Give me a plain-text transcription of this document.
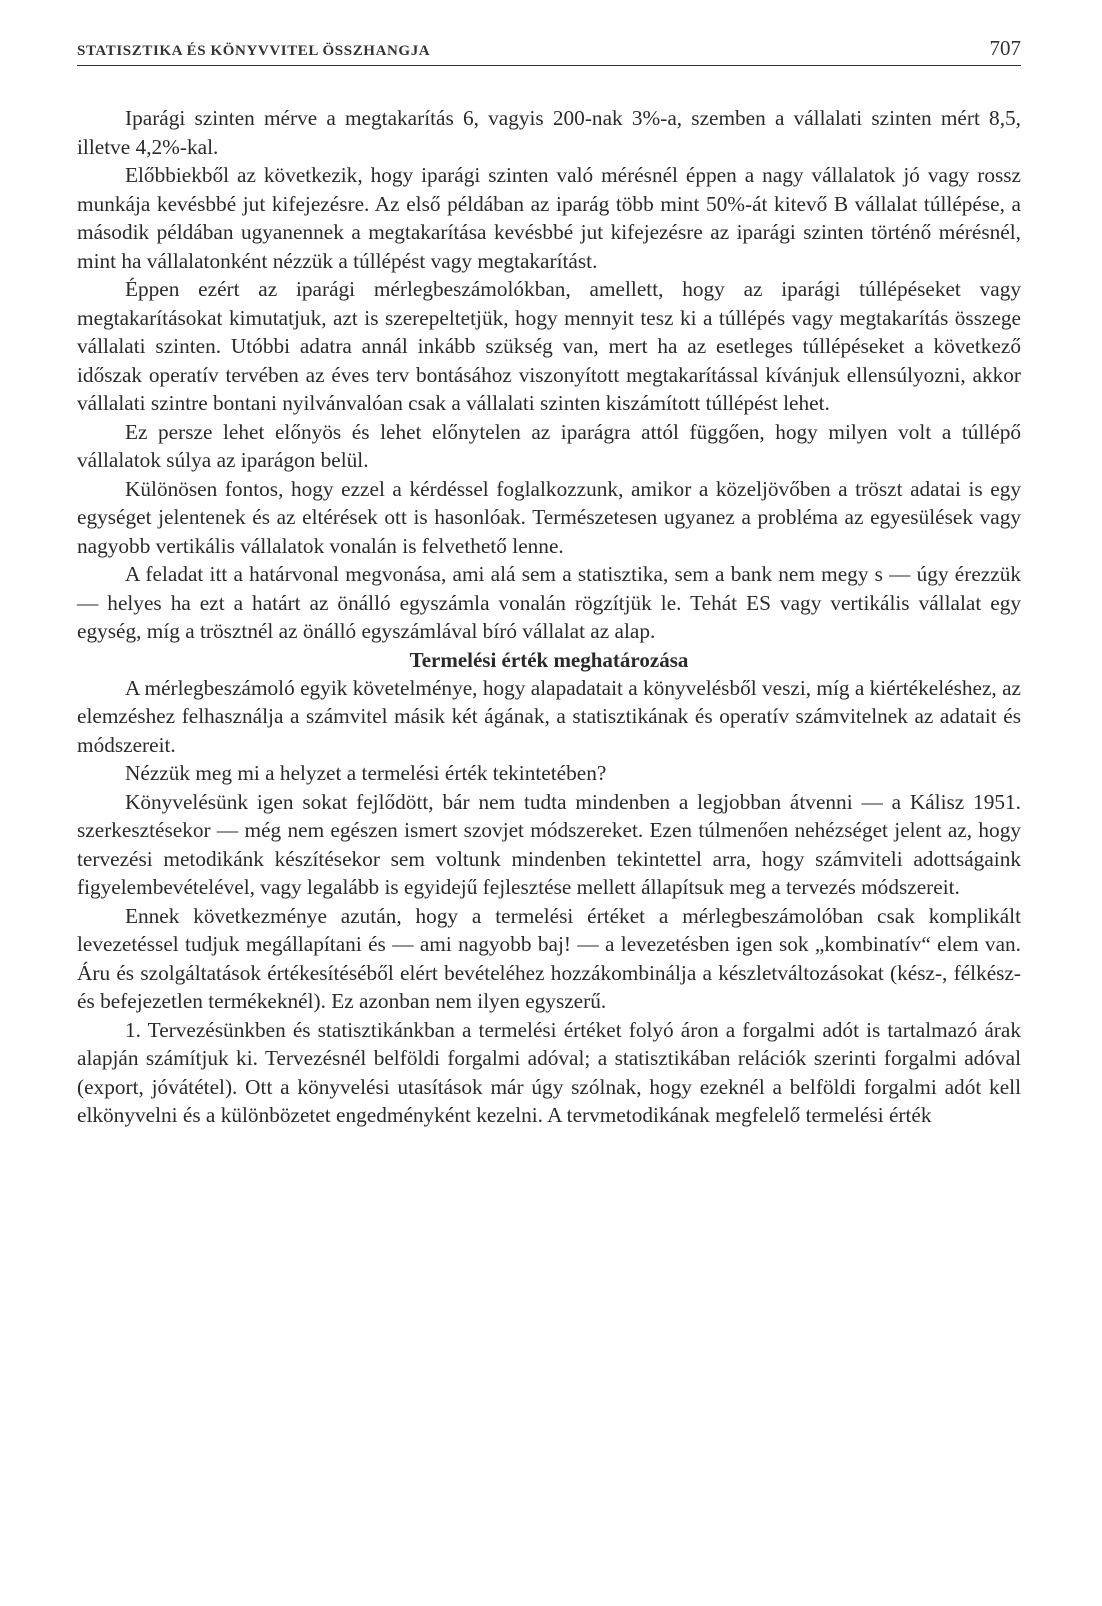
STATISZTIKA ÉS KÖNYVVITEL ÖSSZHANGJA	707

Iparági szinten mérve a megtakarítás 6, vagyis 200-nak 3%-a, szemben a vállalati szinten mért 8,5, illetve 4,2%-kal.

Előbbiekből az következik, hogy iparági szinten való mérésnél éppen a nagy vállalatok jó vagy rossz munkája kevésbbé jut kifejezésre. Az első példában az iparág több mint 50%-át kitevő B vállalat túllépése, a második példában ugyanennek a megtakarítása kevésbbé jut kifejezésre az iparági szinten történő mérésnél, mint ha vállalatonként nézzük a túllépést vagy megtakarítást.

Éppen ezért az iparági mérlegbeszámolókban, amellett, hogy az iparági túllépéseket vagy megtakarításokat kimutatjuk, azt is szerepeltetjük, hogy mennyit tesz ki a túllépés vagy megtakarítás összege vállalati szinten. Utóbbi adatra annál inkább szükség van, mert ha az esetleges túllépéseket a következő időszak operatív tervében az éves terv bontásához viszonyított megtakarítással kívánjuk ellensúlyozni, akkor vállalati szintre bontani nyilvánvalóan csak a vállalati szinten kiszámított túllépést lehet.

Ez persze lehet előnyös és lehet előnytelen az iparágra attól függően, hogy milyen volt a túllépő vállalatok súlya az iparágon belül.

Különösen fontos, hogy ezzel a kérdéssel foglalkozzunk, amikor a közeljövőben a tröszt adatai is egy egységet jelentenek és az eltérések ott is hasonlóak. Természetesen ugyanez a probléma az egyesülések vagy nagyobb vertikális vállalatok vonalán is felvethető lenne.

A feladat itt a határvonal megvonása, ami alá sem a statisztika, sem a bank nem megy s — úgy érezzük — helyes ha ezt a határt az önálló egyszámla vonalán rögzítjük le. Tehát ES vagy vertikális vállalat egy egység, míg a trösztnél az önálló egyszámlával bíró vállalat az alap.

Termelési érték meghatározása

A mérlegbeszámoló egyik követelménye, hogy alapadatait a könyvelésből veszi, míg a kiértékeléshez, az elemzéshez felhasználja a számvitel másik két ágának, a statisztikának és operatív számvitelnek az adatait és módszereit.

Nézzük meg mi a helyzet a termelési érték tekintetében?

Könyvelésünk igen sokat fejlődött, bár nem tudta mindenben a legjobban átvenni — a Kálisz 1951. szerkesztésekor — még nem egészen ismert szovjet módszereket. Ezen túlmenően nehézséget jelent az, hogy tervezési metodikánk készítésekor sem voltunk mindenben tekintettel arra, hogy számviteli adottságaink figyelembevételével, vagy legalább is egyidejű fejlesztése mellett állapítsuk meg a tervezés módszereit.

Ennek következménye azután, hogy a termelési értéket a mérlegbeszámolóban csak komplikált levezetéssel tudjuk megállapítani és — ami nagyobb baj! — a levezetésben igen sok „kombinatív“ elem van. Áru és szolgáltatások értékesítéséből elért bevételéhez hozzákombinálja a készletváltozásokat (kész-, félkész- és befejezetlen termékeknél). Ez azonban nem ilyen egyszerű.

1. Tervezésünkben és statisztikánkban a termelési értéket folyó áron a forgalmi adót is tartalmazó árak alapján számítjuk ki. Tervezésnél belföldi forgalmi adóval; a statisztikában relációk szerinti forgalmi adóval (export, jóvátétel). Ott a könyvelési utasítások már úgy szólnak, hogy ezeknél a belföldi forgalmi adót kell elkönyvelni és a különbözetet engedményként kezelni. A tervmetodikának megfelelő termelési érték
